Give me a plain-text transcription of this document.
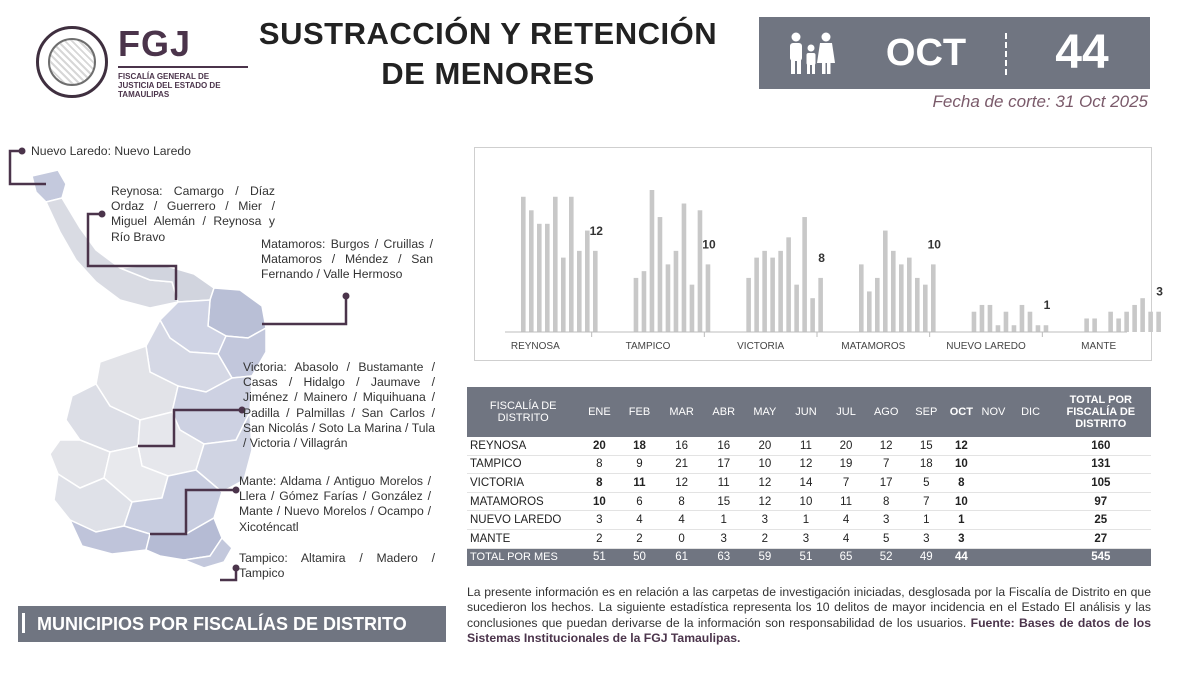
FGJ
FISCALÍA GENERAL DE JUSTICIA DEL ESTADO DE TAMAULIPAS
SUSTRACCIÓN Y RETENCIÓN
DE MENORES	OCT	44
Fecha de corte: 31 Oct 2025
Nuevo Laredo: Nuevo Laredo
Reynosa: Camargo / Díaz Ordaz / Guerrero / Mier / Miguel Alemán / Reynosa y Río Bravo
Matamoros: Burgos / Cruillas / Matamoros / Méndez / San Fernando / Valle Hermoso
Victoria: Abasolo / Bustamante / Casas / Hidalgo / Jaumave / Jiménez / Mainero / Miquihuana / Padilla / Palmillas / San Carlos / San Nicolás / Soto La Marina / Tula / Victoria / Villagrán
Mante: Aldama / Antiguo Morelos / Llera / Gómez Farías / González / Mante / Nuevo Morelos / Ocampo / Xicoténcatl
Tampico: Altamira / Madero / Tampico
MUNICIPIOS POR FISCALÍAS DE DISTRITO
12
REYNOSA
10
TAMPICO
8
VICTORIA
10
MATAMOROS
1
NUEVO LAREDO
3
MANTE
FISCALÍA DE DISTRITO	ENE	FEB	MAR	ABR	MAY	JUN	JUL	AGO	SEP	OCT	NOV	DIC	TOTAL POR FISCALÍA DE DISTRITO
REYNOSA	20	18	16	16	20	11	20	12	15	12			160
TAMPICO	8	9	21	17	10	12	19	7	18	10			131
VICTORIA	8	11	12	11	12	14	7	17	5	8			105
MATAMOROS	10	6	8	15	12	10	11	8	7	10			97
NUEVO LAREDO	3	4	4	1	3	1	4	3	1	1			25
MANTE	2	2	0	3	2	3	4	5	3	3			27
TOTAL POR MES	51	50	61	63	59	51	65	52	49	44			545
La presente información es en relación a las carpetas de investigación iniciadas, desglosada por la Fiscalía de Distrito en que sucedieron los hechos. La siguiente estadística representa los 10 delitos de mayor incidencia en el Estado El análisis y las conclusiones que puedan derivarse de la información son responsabilidad de los usuarios. Fuente: Bases de datos de los Sistemas Institucionales de la FGJ Tamaulipas.
